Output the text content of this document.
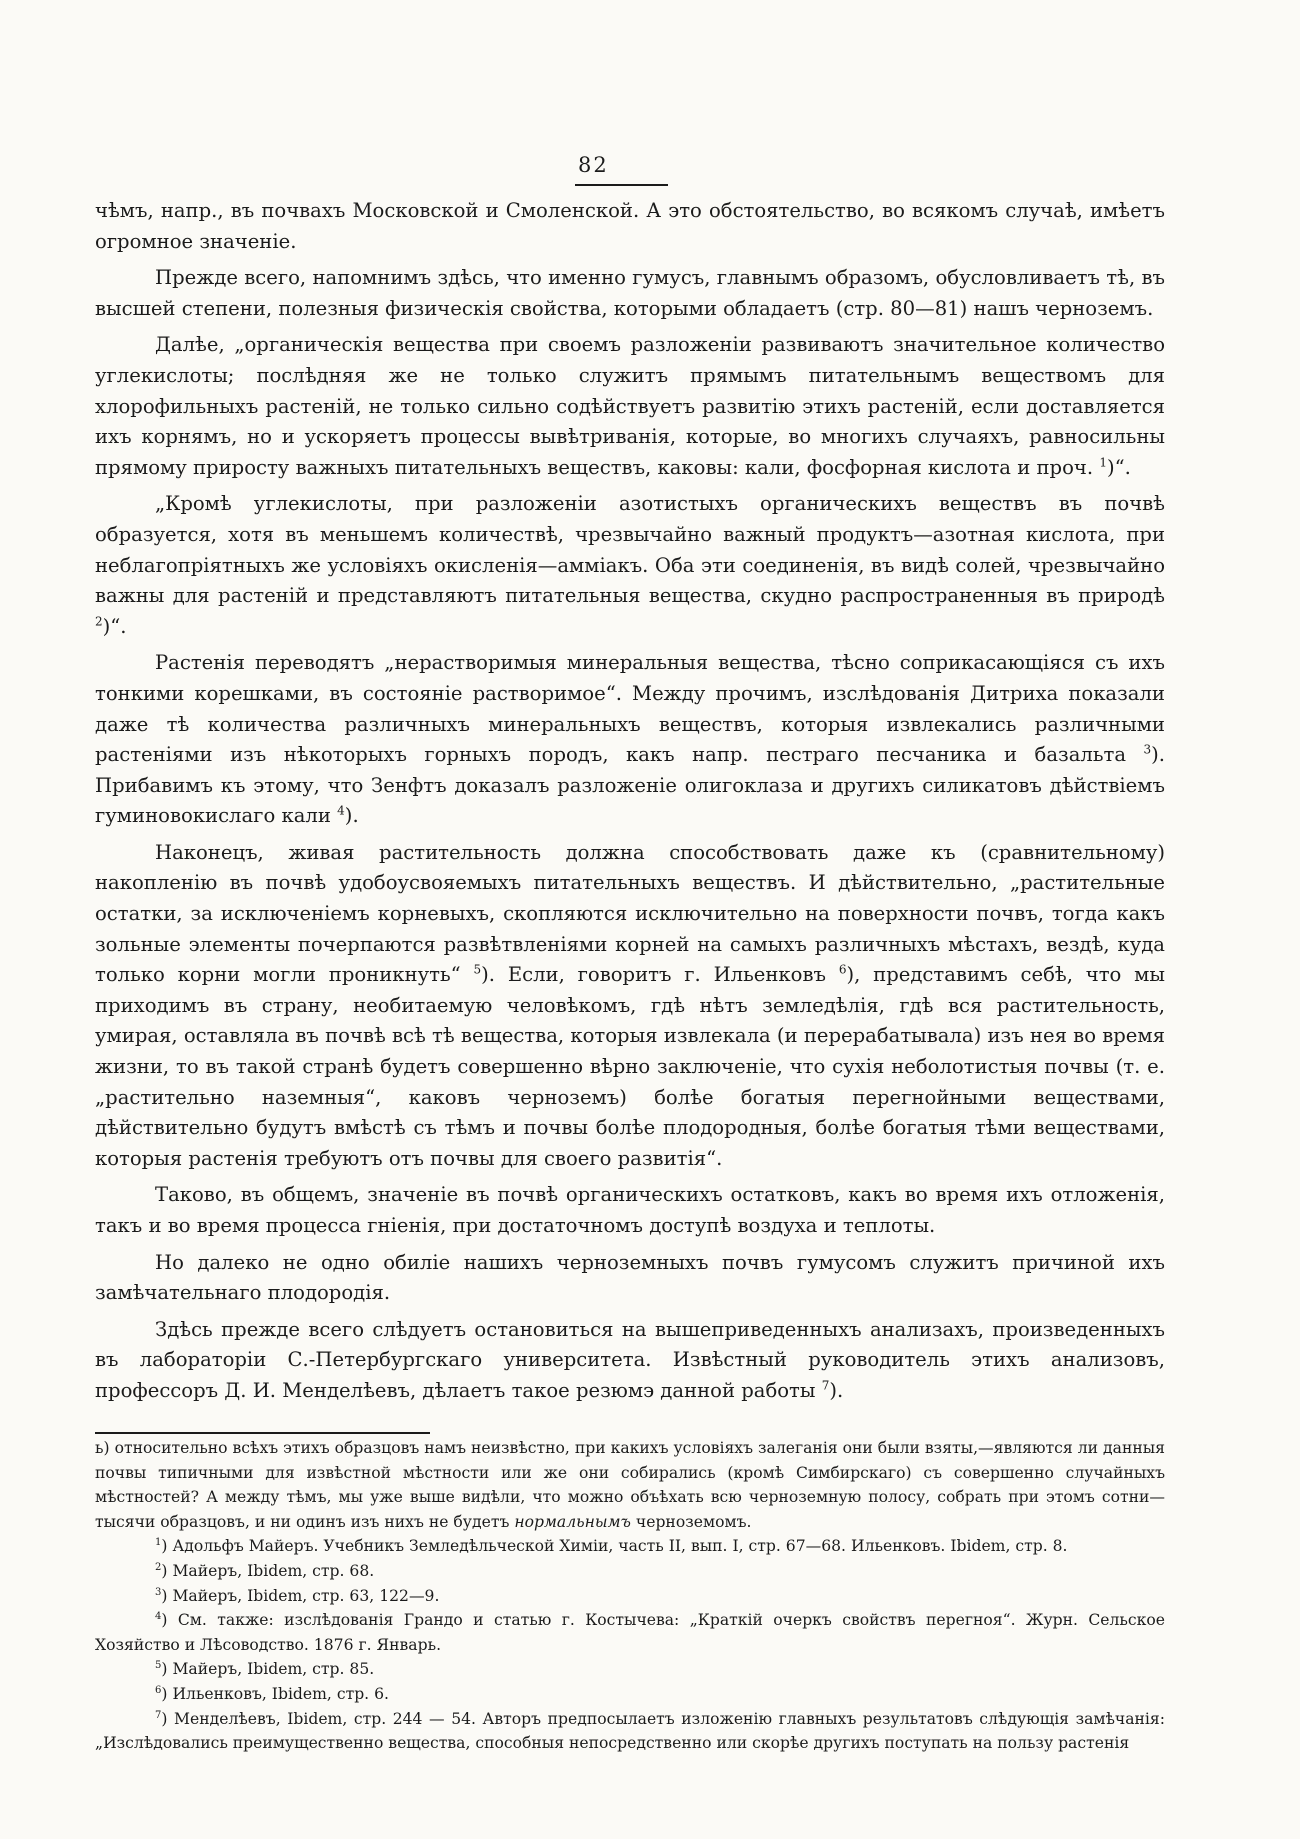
82

чѣмъ, напр., въ почвахъ Московской и Смоленской. А это обстоятельство, во всякомъ случаѣ, имѣетъ огромное значеніе.

Прежде всего, напомнимъ здѣсь, что именно гумусъ, главнымъ образомъ, обусловливаетъ тѣ, въ высшей степени, полезныя физическія свойства, которыми обладаетъ (стр. 80—81) нашъ черноземъ.

Далѣе, „органическія вещества при своемъ разложеніи развиваютъ значительное количество углекислоты; послѣдняя же не только служитъ прямымъ питательнымъ веществомъ для хлорофильныхъ растеній, не только сильно содѣйствуетъ развитію этихъ растеній, если доставляется ихъ корнямъ, но и ускоряетъ процессы вывѣтриванія, которые, во многихъ случаяхъ, равносильны прямому приросту важныхъ питательныхъ веществъ, каковы: кали, фосфорная кислота и проч. $^1$)“.

„Кромѣ углекислоты, при разложеніи азотистыхъ органическихъ веществъ въ почвѣ образуется, хотя въ меньшемъ количествѣ, чрезвычайно важный продуктъ—азотная кислота, при неблагопріятныхъ же условіяхъ окисленія—амміакъ. Оба эти соединенія, въ видѣ солей, чрезвычайно важны для растеній и представляютъ питательныя вещества, скудно распространенныя въ природѣ $^2$)“.

Растенія переводятъ „нерастворимыя минеральныя вещества, тѣсно соприкасающіяся съ ихъ тонкими корешками, въ состояніе растворимое“. Между прочимъ, изслѣдованія Дитриха показали даже тѣ количества различныхъ минеральныхъ веществъ, которыя извлекались различными растеніями изъ нѣкоторыхъ горныхъ породъ, какъ напр. пестраго песчаника и базальта $^3$). Прибавимъ къ этому, что Зенфтъ доказалъ разложеніе олигоклаза и другихъ силикатовъ дѣйствіемъ гуминовокислаго кали $^4$).

Наконецъ, живая растительность должна способствовать даже къ (сравнительному) накопленію въ почвѣ удобоусвояемыхъ питательныхъ веществъ. И дѣйствительно, „растительные остатки, за исключеніемъ корневыхъ, скопляются исключительно на поверхности почвъ, тогда какъ зольные элементы почерпаются развѣтвленіями корней на самыхъ различныхъ мѣстахъ, вездѣ, куда только корни могли проникнуть“ $^5$). Если, говоритъ г. Ильенковъ $^6$), представимъ себѣ, что мы приходимъ въ страну, необитаемую человѣкомъ, гдѣ нѣтъ земледѣлія, гдѣ вся растительность, умирая, оставляла въ почвѣ всѣ тѣ вещества, которыя извлекала (и перерабатывала) изъ нея во время жизни, то въ такой странѣ будетъ совершенно вѣрно заключеніе, что сухія неболотистыя почвы (т. е. „растительно наземныя“, каковъ черноземъ) болѣе богатыя перегнойными веществами, дѣйствительно будутъ вмѣстѣ съ тѣмъ и почвы болѣе плодородныя, болѣе богатыя тѣми веществами, которыя растенія требуютъ отъ почвы для своего развитія“.

Таково, въ общемъ, значеніе въ почвѣ органическихъ остатковъ, какъ во время ихъ отложенія, такъ и во время процесса гніенія, при достаточномъ доступѣ воздуха и теплоты.

Но далеко не одно обиліе нашихъ черноземныхъ почвъ гумусомъ служитъ причиной ихъ замѣчательнаго плодородія.

Здѣсь прежде всего слѣдуетъ остановиться на вышеприведенныхъ анализахъ, произведенныхъ въ лабораторіи С.-Петербургскаго университета. Извѣстный руководитель этихъ анализовъ, профессоръ Д. И. Менделѣевъ, дѣлаетъ такое резюмэ данной работы $^7$).

ь) относительно всѣхъ этихъ образцовъ намъ неизвѣстно, при какихъ условіяхъ залеганія они были взяты,—являются ли данныя почвы типичными для извѣстной мѣстности или же они собирались (кромѣ Симбирскаго) съ совершенно случайныхъ мѣстностей? А между тѣмъ, мы уже выше видѣли, что можно объѣхать всю черноземную полосу, собрать при этомъ сотни—тысячи образцовъ, и ни одинъ изъ нихъ не будетъ нормальнымъ черноземомъ.

$^1$) Адольфъ Майеръ. Учебникъ Земледѣльческой Химіи, часть II, вып. I, стр. 67—68. Ильенковъ. Ibidem, стр. 8.

$^2$) Майеръ, Ibidem, стр. 68.

$^3$) Майеръ, Ibidem, стр. 63, 122—9.

$^4$) См. также: изслѣдованія Грандо и статью г. Костычева: „Краткій очеркъ свойствъ перегноя“. Журн. Сельское Хозяйство и Лѣсоводство. 1876 г. Январь.

$^5$) Майеръ, Ibidem, стр. 85.

$^6$) Ильенковъ, Ibidem, стр. 6.

$^7$) Менделѣевъ, Ibidem, стр. 244 — 54. Авторъ предпосылаетъ изложенію главныхъ результатовъ слѣдующія замѣчанія: „Изслѣдовались преимущественно вещества, способныя непосредственно или скорѣе другихъ поступать на пользу растенія
